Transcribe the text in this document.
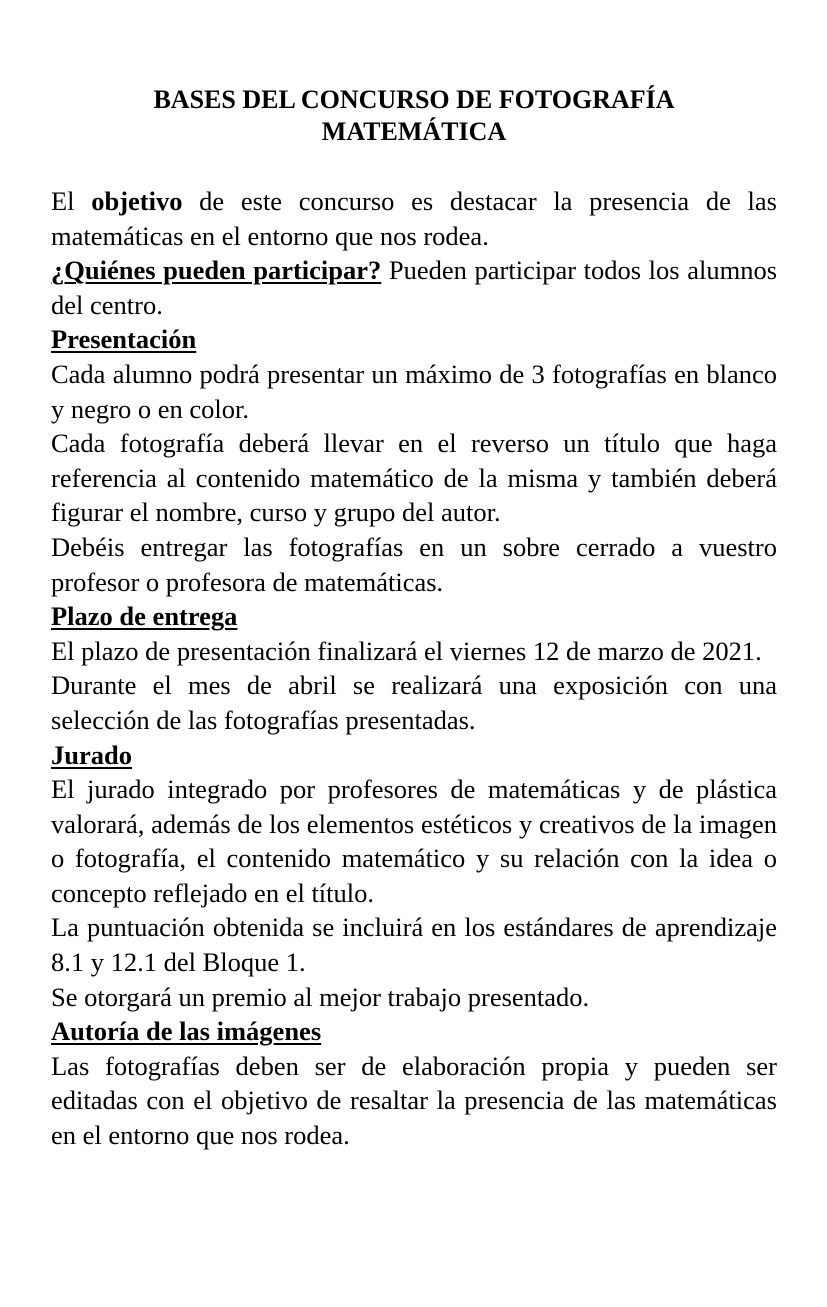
BASES DEL CONCURSO DE FOTOGRAFÍA
MATEMÁTICA

El objetivo de este concurso es destacar la presencia de las matemáticas en el entorno que nos rodea.

¿Quiénes pueden participar? Pueden participar todos los alumnos del centro.

Presentación

Cada alumno podrá presentar un máximo de 3 fotografías en blanco y negro o en color.

Cada fotografía deberá llevar en el reverso un título que haga referencia al contenido matemático de la misma y también deberá figurar el nombre, curso y grupo del autor.

Debéis entregar las fotografías en un sobre cerrado a vuestro profesor o profesora de matemáticas.

Plazo de entrega

El plazo de presentación finalizará el viernes 12 de marzo de 2021.

Durante el mes de abril se realizará una exposición con una selección de las fotografías presentadas.

Jurado

El jurado integrado por profesores de matemáticas y de plástica valorará, además de los elementos estéticos y creativos de la imagen o fotografía, el contenido matemático y su relación con la idea o concepto reflejado en el título.

La puntuación obtenida se incluirá en los estándares de aprendizaje 8.1 y 12.1 del Bloque 1.

Se otorgará un premio al mejor trabajo presentado.

Autoría de las imágenes

Las fotografías deben ser de elaboración propia y pueden ser editadas con el objetivo de resaltar la presencia de las matemáticas en el entorno que nos rodea.
